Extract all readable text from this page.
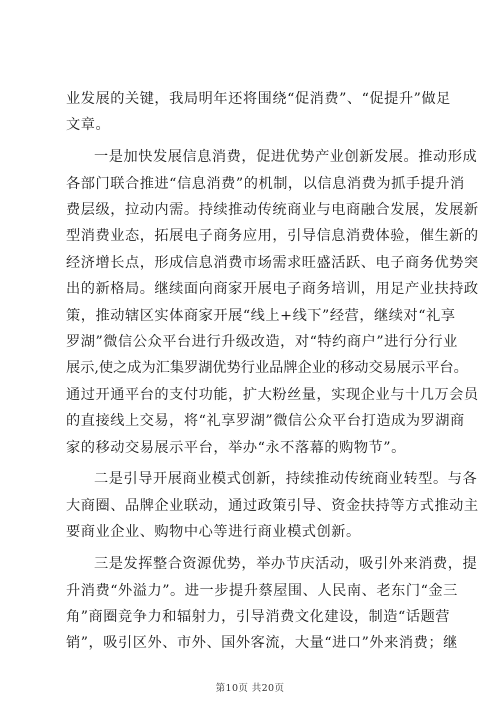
业发展的关键，我局明年还将围绕“促消费”、“促提升”做足
文章。
一是加快发展信息消费，促进优势产业创新发展。推动形成
各部门联合推进“信息消费”的机制，以信息消费为抓手提升消
费层级，拉动内需。持续推动传统商业与电商融合发展，发展新
型消费业态，拓展电子商务应用，引导信息消费体验，催生新的
经济增长点，形成信息消费市场需求旺盛活跃、电子商务优势突
出的新格局。继续面向商家开展电子商务培训，用足产业扶持政
策，推动辖区实体商家开展“线上+线下”经营，继续对“礼享
罗湖”微信公众平台进行升级改造，对“特约商户”进行分行业
展示,使之成为汇集罗湖优势行业品牌企业的移动交易展示平台。
通过开通平台的支付功能，扩大粉丝量，实现企业与十几万会员
的直接线上交易，将“礼享罗湖”微信公众平台打造成为罗湖商
家的移动交易展示平台，举办“永不落幕的购物节”。
二是引导开展商业模式创新，持续推动传统商业转型。与各
大商圈、品牌企业联动，通过政策引导、资金扶持等方式推动主
要商业企业、购物中心等进行商业模式创新。
三是发挥整合资源优势，举办节庆活动，吸引外来消费，提
升消费“外溢力”。进一步提升蔡屋围、人民南、老东门“金三
角”商圈竞争力和辐射力，引导消费文化建设，制造“话题营
销”，吸引区外、市外、国外客流，大量“进口”外来消费；继
第10页 共20页
